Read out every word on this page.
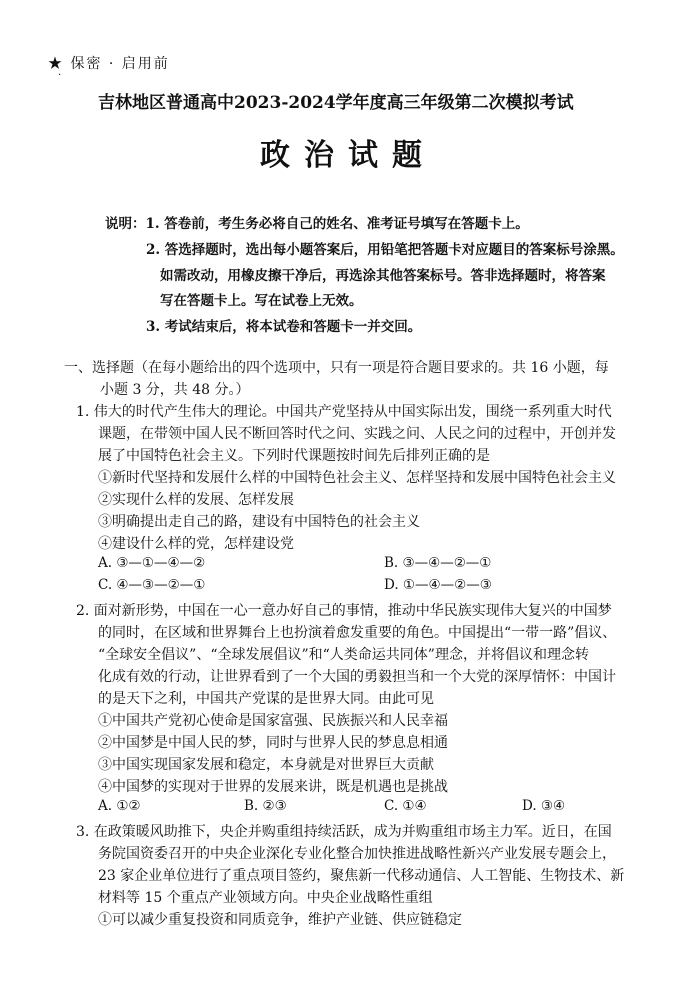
★ 保密 · 启用前
·
吉林地区普通高中2023-2024学年度高三年级第二次模拟考试
政治试题
说明：1. 答卷前，考生务必将自己的姓名、准考证号填写在答题卡上。
2. 答选择题时，选出每小题答案后，用铅笔把答题卡对应题目的答案标号涂黑。
如需改动，用橡皮擦干净后，再选涂其他答案标号。答非选择题时，将答案
写在答题卡上。写在试卷上无效。
3. 考试结束后，将本试卷和答题卡一并交回。
一、选择题（在每小题给出的四个选项中，只有一项是符合题目要求的。共 16 小题，每
小题 3 分，共 48 分。）
1. 伟大的时代产生伟大的理论。中国共产党坚持从中国实际出发，围绕一系列重大时代
课题，在带领中国人民不断回答时代之问、实践之问、人民之问的过程中，开创并发
展了中国特色社会主义。下列时代课题按时间先后排列正确的是
①新时代坚持和发展什么样的中国特色社会主义、怎样坚持和发展中国特色社会主义
②实现什么样的发展、怎样发展
③明确提出走自己的路，建设有中国特色的社会主义
④建设什么样的党，怎样建设党
A. ③—①—④—②	B. ③—④—②—①
C. ④—③—②—①	D. ①—④—②—③
2. 面对新形势，中国在一心一意办好自己的事情，推动中华民族实现伟大复兴的中国梦
的同时，在区域和世界舞台上也扮演着愈发重要的角色。中国提出“一带一路”倡议、
“全球安全倡议”、“全球发展倡议”和“人类命运共同体”理念，并将倡议和理念转
化成有效的行动，让世界看到了一个大国的勇毅担当和一个大党的深厚情怀：中国计
的是天下之利，中国共产党谋的是世界大同。由此可见
①中国共产党初心使命是国家富强、民族振兴和人民幸福
②中国梦是中国人民的梦，同时与世界人民的梦息息相通
③中国实现国家发展和稳定，本身就是对世界巨大贡献
④中国梦的实现对于世界的发展来讲，既是机遇也是挑战
A. ①②	B. ②③	C. ①④	D. ③④
3. 在政策暖风助推下，央企并购重组持续活跃，成为并购重组市场主力军。近日，在国
务院国资委召开的中央企业深化专业化整合加快推进战略性新兴产业发展专题会上，
23 家企业单位进行了重点项目签约，聚焦新一代移动通信、人工智能、生物技术、新
材料等 15 个重点产业领域方向。中央企业战略性重组
①可以减少重复投资和同质竞争，维护产业链、供应链稳定
